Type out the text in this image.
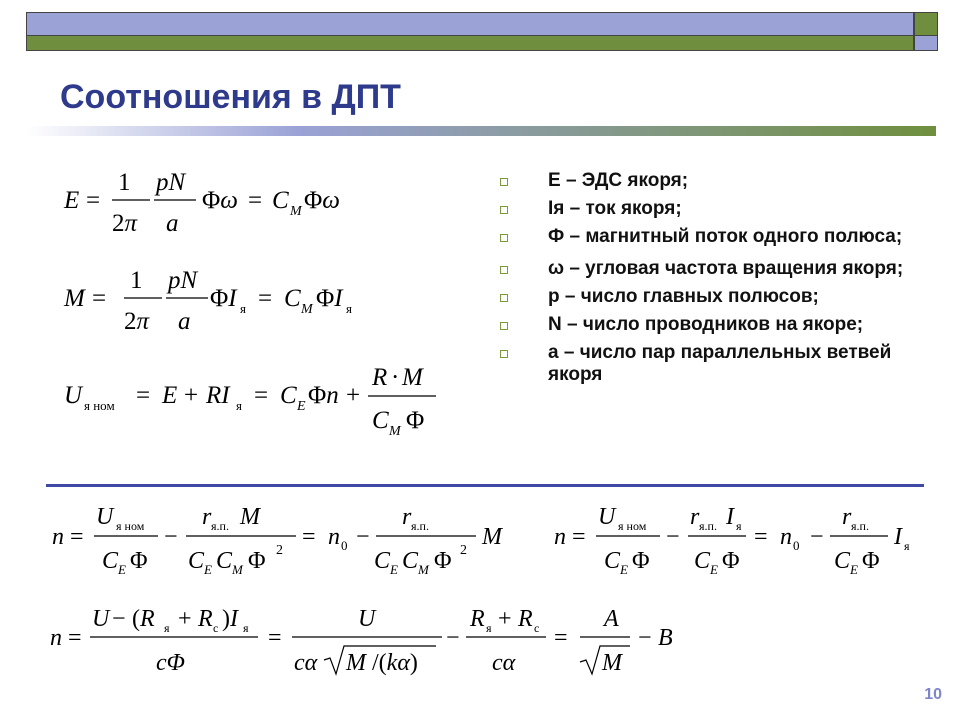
Соотношения в ДПТ
E =
1
2π
pN
a
Φω = C M Φω
M =
1
2π
pN
a
ΦI я = C M ΦI я
U я ном = E + RI я = C E Φn +
R · M
C M Φ
E – ЭДС якоря;
Iя – ток якоря;
Ф – магнитный поток одного полюса;
ω – угловая частота вращения якоря;
p – число главных полюсов;
N – число проводников на якоре;
a – число пар параллельных ветвей якоря
n =
U я ном
C E Φ
−
r я.п. M
C E C M Φ 2
= n 0 −
r я.п.
C E C M Φ 2
M n =
U я ном
C E Φ
−
r я.п. I я
C E Φ
= n 0 −
r я.п.
C E Φ
I я
n =
U − (R я + R с )I я
cΦ
=
U
cα M /(kα)
−
R я + R с
cα
=
A
M
− B
10
